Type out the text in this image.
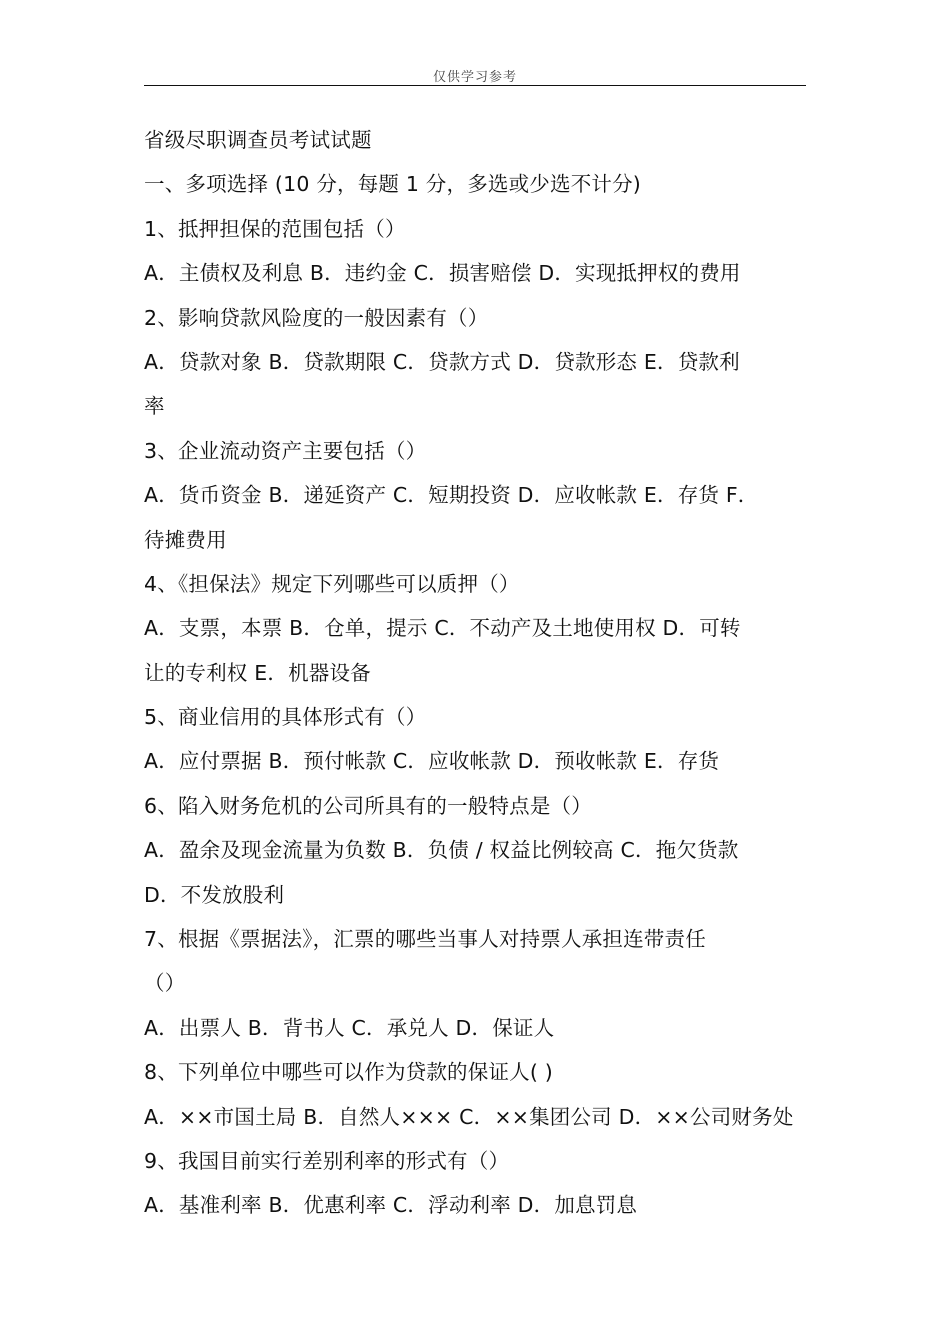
仅供学习参考
省级尽职调查员考试试题
一、多项选择 (10 分，每题 1 分，多选或少选不计分)
1、抵押担保的范围包括（）
A．主债权及利息 B．违约金 C．损害赔偿 D．实现抵押权的费用
2、影响贷款风险度的一般因素有（）
A．贷款对象 B．贷款期限 C．贷款方式 D．贷款形态 E．贷款利
率
3、企业流动资产主要包括（）
A．货币资金 B．递延资产 C．短期投资 D．应收帐款 E．存货 F．
待摊费用
4、《担保法》规定下列哪些可以质押（）
A．支票，本票 B．仓单，提示 C．不动产及土地使用权 D．可转
让的专利权 E．机器设备
5、商业信用的具体形式有（）
A．应付票据 B．预付帐款 C．应收帐款 D．预收帐款 E．存货
6、陷入财务危机的公司所具有的一般特点是（）
A．盈余及现金流量为负数 B．负债 / 权益比例较高 C．拖欠货款
D．不发放股利
7、根据《票据法》，汇票的哪些当事人对持票人承担连带责任
（）
A．出票人 B．背书人 C．承兑人 D．保证人
8、下列单位中哪些可以作为贷款的保证人( )
A．××市国土局 B．自然人××× C．××集团公司 D．××公司财务处
9、我国目前实行差别利率的形式有（）
A．基准利率 B．优惠利率 C．浮动利率 D．加息罚息
